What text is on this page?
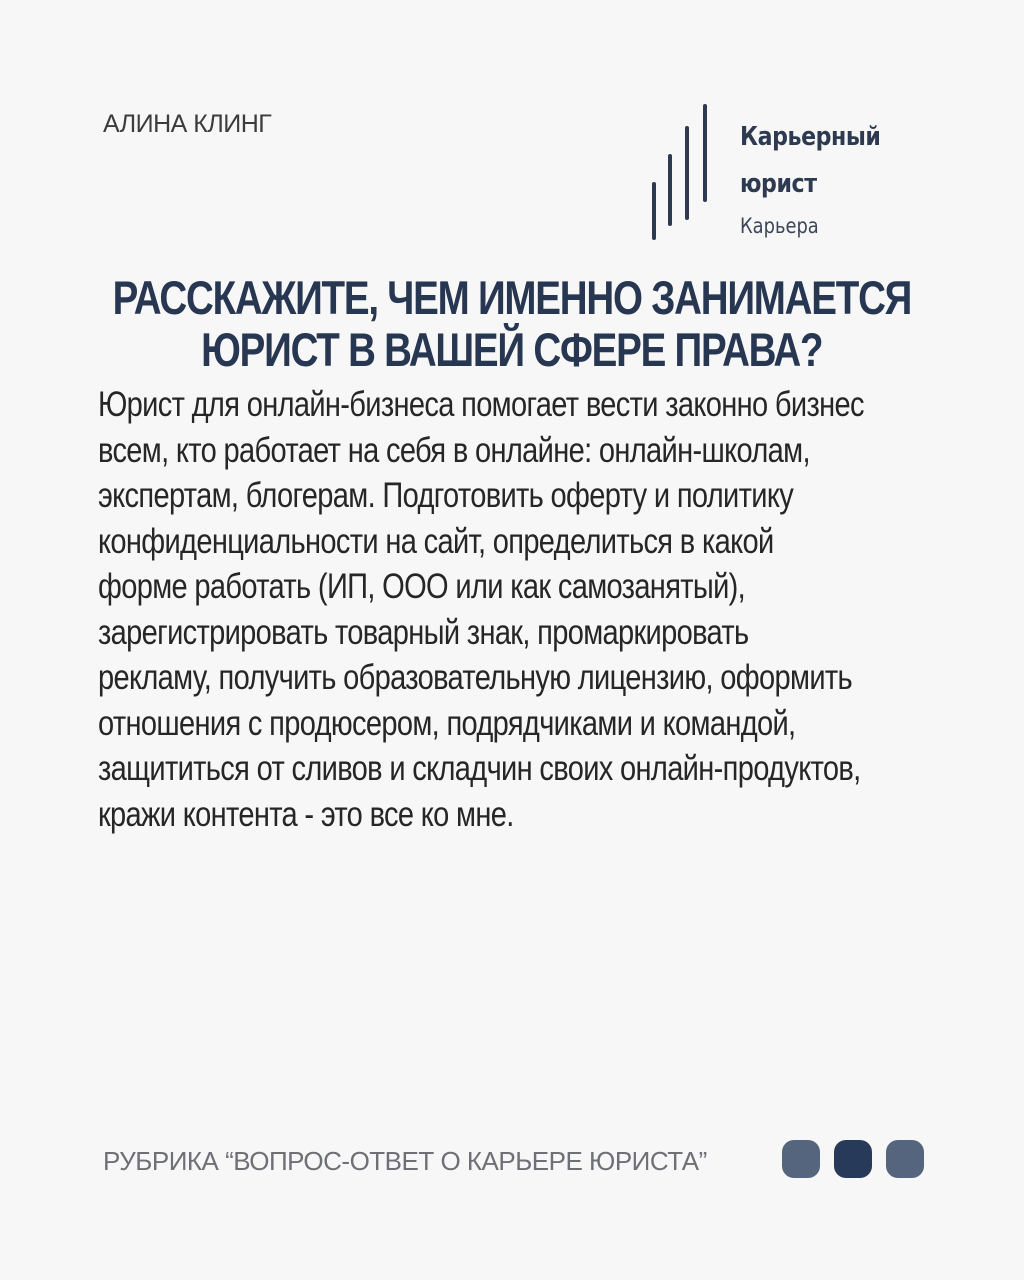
АЛИНА КЛИНГ	Карьерный
юрист
Карьера
РАССКАЖИТЕ, ЧЕМ ИМЕННО ЗАНИМАЕТСЯ
ЮРИСТ В ВАШЕЙ СФЕРЕ ПРАВА?
Юрист для онлайн-бизнеса помогает вести законно бизнес
всем, кто работает на себя в онлайне: онлайн-школам,
экспертам, блогерам. Подготовить оферту и политику
конфиденциальности на сайт, определиться в какой
форме работать (ИП, ООО или как самозанятый),
зарегистрировать товарный знак, промаркировать
рекламу, получить образовательную лицензию, оформить
отношения с продюсером, подрядчиками и командой,
защититься от сливов и складчин своих онлайн-продуктов,
кражи контента - это все ко мне.
РУБРИКА “ВОПРОС-ОТВЕТ О КАРЬЕРЕ ЮРИСТА”
